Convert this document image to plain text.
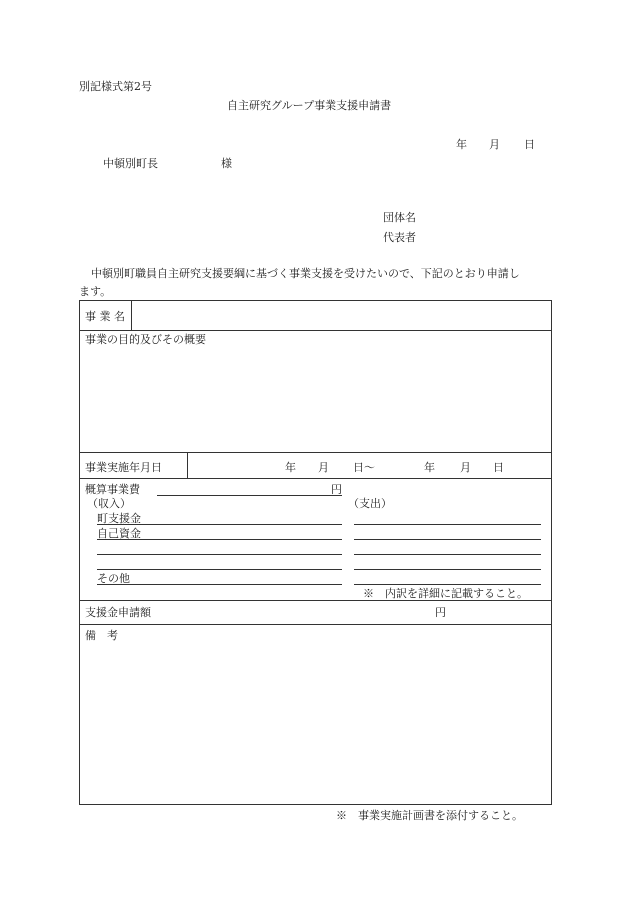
別記様式第2号
自主研究グループ事業支援申請書
年 月 日
中頓別町長	様
団体名
代表者
中頓別町職員自主研究支援要綱に基づく事業支援を受けたいので、下記のとおり申請し
ます。
事 業 名
事業の目的及びその概要
事業実施年月日	年 月 日～	年 月 日
概算事業費	円
（収入）	（支出）
町支援金
自己資金
その他
※　内訳を詳細に記載すること。
支援金申請額	円
備　考
※　事業実施計画書を添付すること。
